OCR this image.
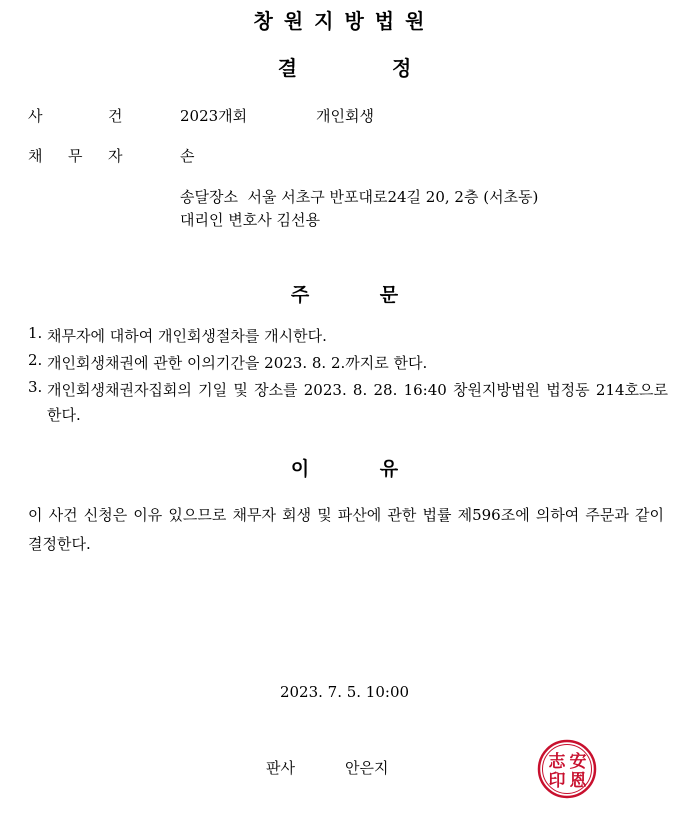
창원지방법원
결 정
사	건	2023개회	개인회생
채 무 자	손
송달장소  서울 서초구 반포대로24길 20, 2층 (서초동)
대리인 변호사 김선용
주 문
1. 채무자에 대하여 개인회생절차를 개시한다.
2. 개인회생채권에 관한 이의기간을 2023. 8. 2.까지로 한다.
3. 개인회생채권자집회의 기일 및 장소를 2023. 8. 28. 16:40 창원지방법원 법정동 214호으로 한다.
이 유
이 사건 신청은 이유 있으므로 채무자 회생 및 파산에 관한 법률 제596조에 의하여 주문과 같이 결정한다.
2023. 7. 5. 10:00
판사	안은지	安
恩
志
印
